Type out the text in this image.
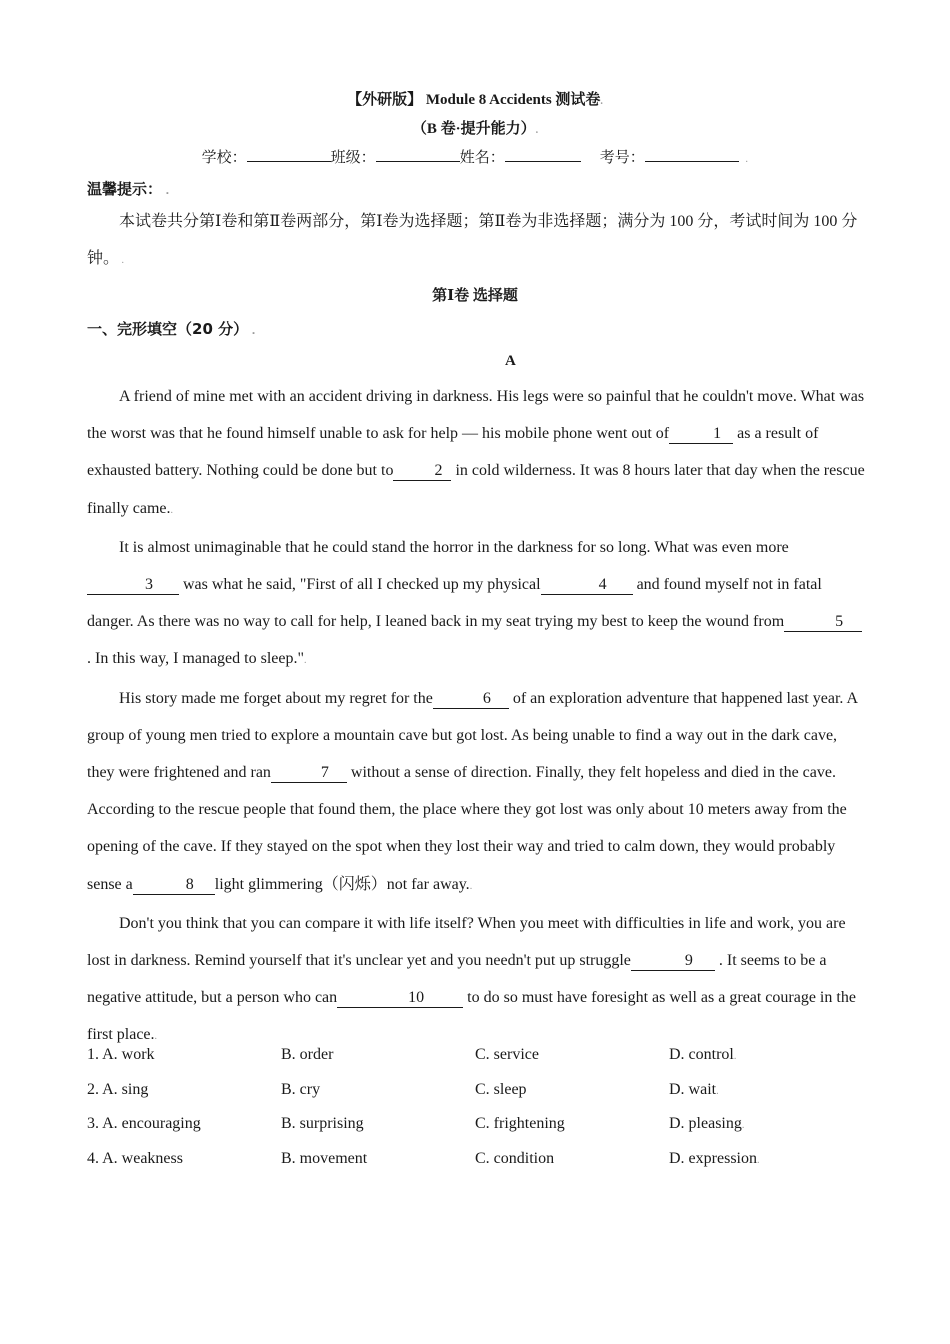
【外研版】 Module 8 Accidents 测试卷.
（B 卷·提升能力）.
学校：	班级：	姓名：	考号：	.
温馨提示： .
本试卷共分第Ⅰ卷和第Ⅱ卷两部分，第Ⅰ卷为选择题；第Ⅱ卷为非选择题；满分为 100 分，考试时间为 100 分钟。 .
第Ⅰ卷 选择题
一、完形填空（20 分） .
A

A friend of mine met with an accident driving in darkness. His legs were so painful that he couldn't move. What was the worst was that he found himself unable to ask for help — his mobile phone went out of	1 as a result of exhausted battery. Nothing could be done but to	2 in cold wilderness. It was 8 hours later that day when the rescue finally came..

It is almost unimaginable that he could stand the horror in the darkness for so long. What was even more3 was what he said, "First of all I checked up my physical	4 and found myself not in fatal danger. As there was no way to call for help, I leaned back in my seat trying my best to keep the wound from	5 . In this way, I managed to sleep.".

His story made me forget about my regret for the	6 of an exploration adventure that happened last year. A group of young men tried to explore a mountain cave but got lost. As being unable to find a way out in the dark cave, they were frightened and ran	7 without a sense of direction. Finally, they felt hopeless and died in the cave. According to the rescue people that found them, the place where they got lost was only about 10 meters away from the opening of the cave. If they stayed on the spot when they lost their way and tried to calm down, they would probably sense a	8 light glimmering（闪烁）not far away..

Don't you think that you can compare it with life itself? When you meet with difficulties in life and work, you are lost in darkness. Remind yourself that it's unclear yet and you needn't put up struggle	9 . It seems to be a negative attitude, but a person who can	10 to do so must have foresight as well as a great courage in the first place..

1. A. work	B. order	C. service	D. control.
2. A. sing	B. cry	C. sleep	D. wait.
3. A. encouraging	B. surprising	C. frightening	D. pleasing.
4. A. weakness	B. movement	C. condition	D. expression.
